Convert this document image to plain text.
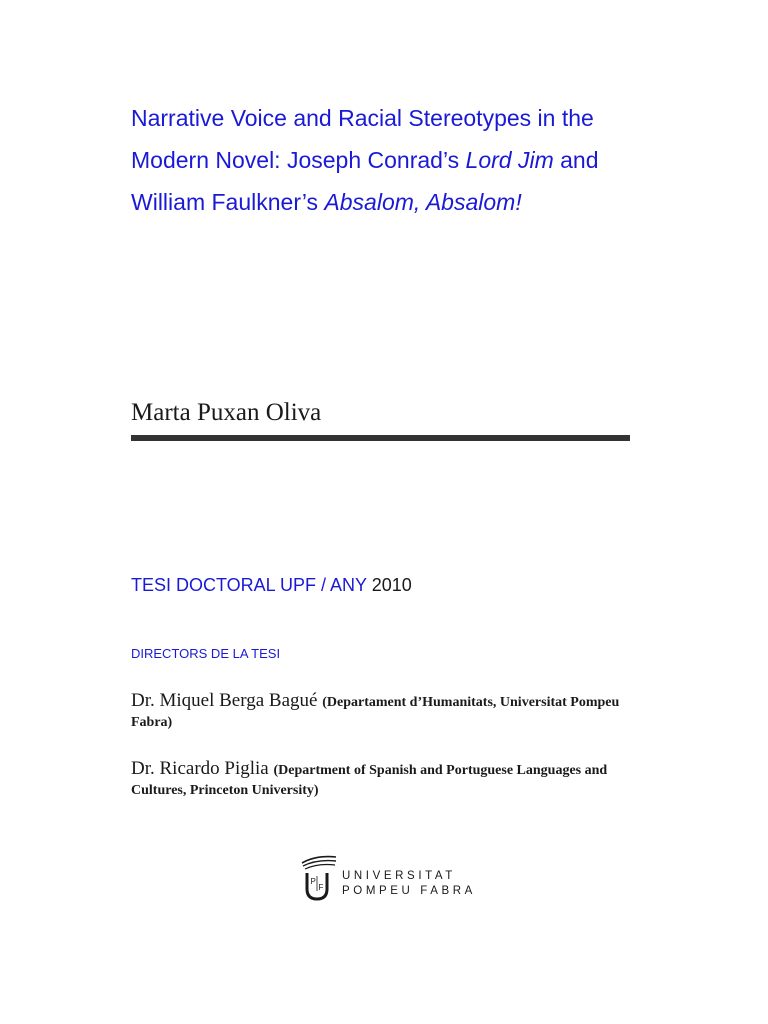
Narrative Voice and Racial Stereotypes in the Modern Novel: Joseph Conrad’s Lord Jim and William Faulkner’s Absalom, Absalom!

Marta Puxan Oliva

TESI DOCTORAL UPF / ANY 2010

DIRECTORS DE LA TESI

Dr. Miquel Berga Bagué (Departament d’Humanitats, Universitat Pompeu Fabra)

Dr. Ricardo Piglia (Department of Spanish and Portuguese Languages and Cultures, Princeton University)

P
F
UNIVERSITAT
POMPEU FABRA
